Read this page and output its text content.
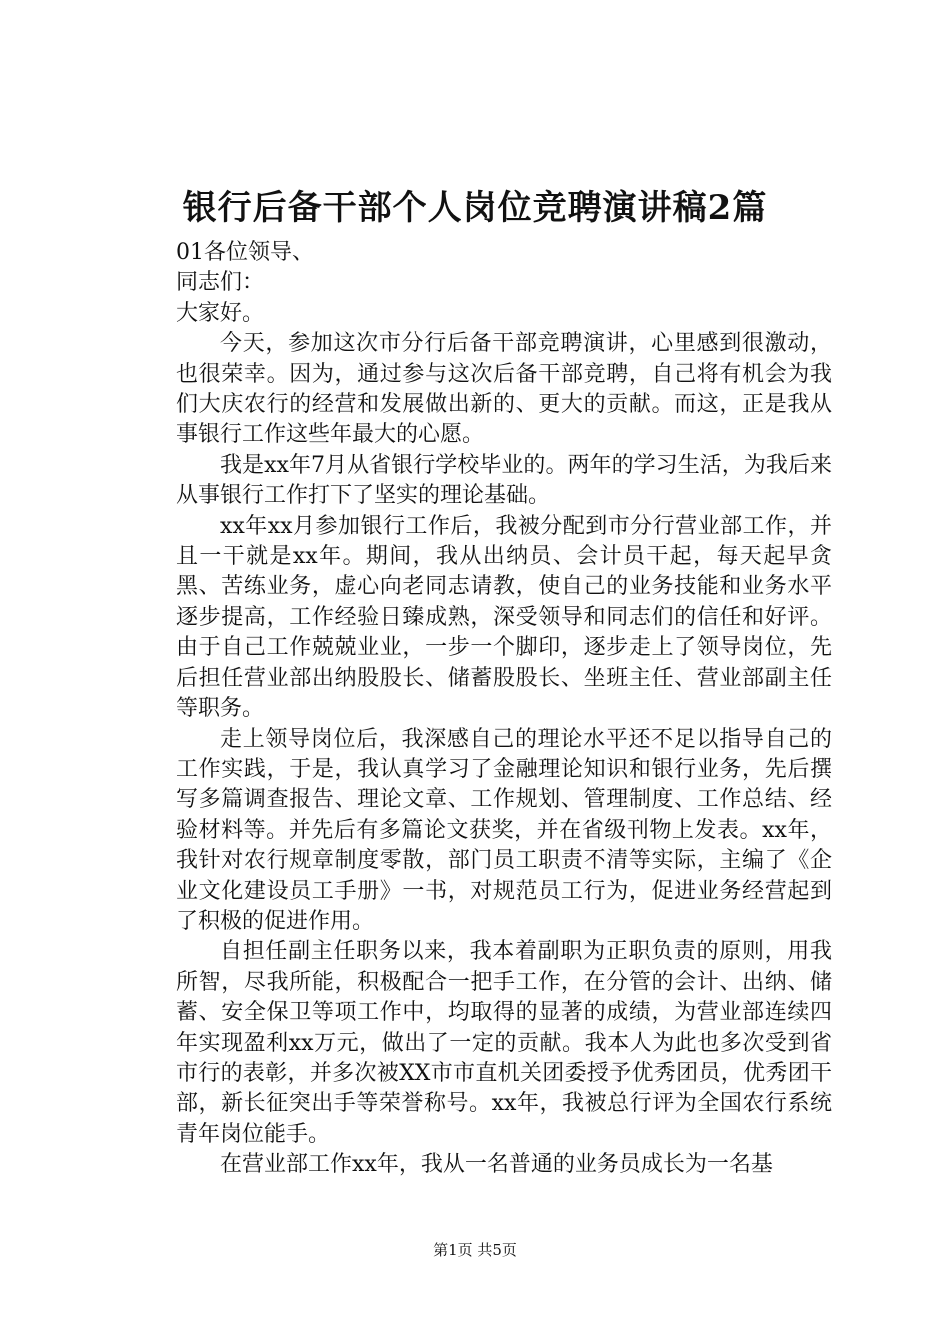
银行后备干部个人岗位竞聘演讲稿2篇

01各位领导、

同志们：

大家好。

今天，参加这次市分行后备干部竞聘演讲，心里感到很激动，也很荣幸。因为，通过参与这次后备干部竞聘，自己将有机会为我们大庆农行的经营和发展做出新的、更大的贡献。而这，正是我从事银行工作这些年最大的心愿。

我是xx年7月从省银行学校毕业的。两年的学习生活，为我后来从事银行工作打下了坚实的理论基础。

xx年xx月参加银行工作后，我被分配到市分行营业部工作，并且一干就是xx年。期间，我从出纳员、会计员干起，每天起早贪黑、苦练业务，虚心向老同志请教，使自己的业务技能和业务水平逐步提高，工作经验日臻成熟，深受领导和同志们的信任和好评。由于自己工作兢兢业业，一步一个脚印，逐步走上了领导岗位，先后担任营业部出纳股股长、储蓄股股长、坐班主任、营业部副主任等职务。

走上领导岗位后，我深感自己的理论水平还不足以指导自己的工作实践，于是，我认真学习了金融理论知识和银行业务，先后撰写多篇调查报告、理论文章、工作规划、管理制度、工作总结、经验材料等。并先后有多篇论文获奖，并在省级刊物上发表。xx年，我针对农行规章制度零散，部门员工职责不清等实际，主编了《企业文化建设员工手册》一书，对规范员工行为，促进业务经营起到了积极的促进作用。

自担任副主任职务以来，我本着副职为正职负责的原则，用我所智，尽我所能，积极配合一把手工作，在分管的会计、出纳、储蓄、安全保卫等项工作中，均取得的显著的成绩，为营业部连续四年实现盈利xx万元，做出了一定的贡献。我本人为此也多次受到省市行的表彰，并多次被XX市市直机关团委授予优秀团员，优秀团干部，新长征突出手等荣誉称号。xx年，我被总行评为全国农行系统青年岗位能手。

在营业部工作xx年，我从一名普通的业务员成长为一名基

第1页 共5页
